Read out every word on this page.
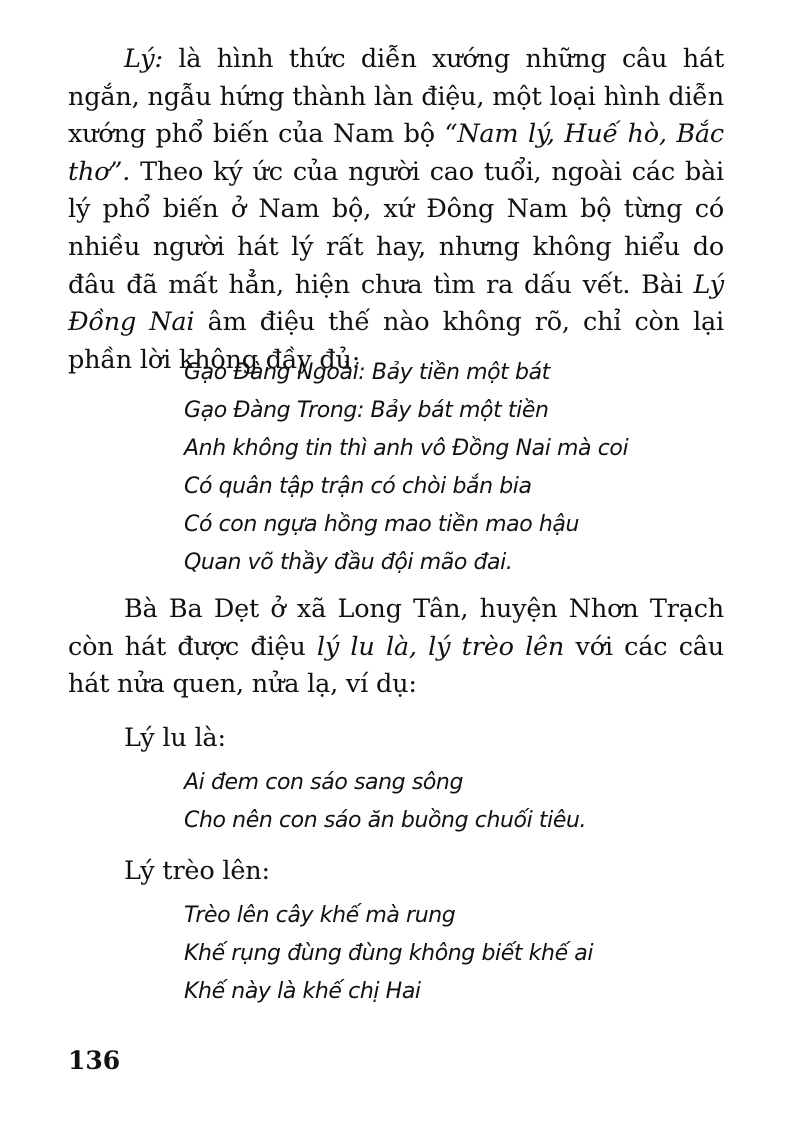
Lý: là hình thức diễn xướng những câu hát ngắn, ngẫu hứng thành làn điệu, một loại hình diễn xướng phổ biến của Nam bộ “Nam lý, Huế hò, Bắc thơ”. Theo ký ức của người cao tuổi, ngoài các bài lý phổ biến ở Nam bộ, xứ Đông Nam bộ từng có nhiều người hát lý rất hay, nhưng không hiểu do đâu đã mất hẳn, hiện chưa tìm ra dấu vết. Bài Lý Đồng Nai âm điệu thế nào không rõ, chỉ còn lại phần lời không đầy đủ:

Gạo Đàng Ngoài: Bảy tiền một bát
Gạo Đàng Trong: Bảy bát một tiền
Anh không tin thì anh vô Đồng Nai mà coi
Có quân tập trận có chòi bắn bia
Có con ngựa hồng mao tiền mao hậu
Quan võ thầy đầu đội mão đai.

Bà Ba Dẹt ở xã Long Tân, huyện Nhơn Trạch còn hát được điệu lý lu là, lý trèo lên với các câu hát nửa quen, nửa lạ, ví dụ:

Lý lu là:

Ai đem con sáo sang sông
Cho nên con sáo ăn buồng chuối tiêu.

Lý trèo lên:

Trèo lên cây khế mà rung
Khế rụng đùng đùng không biết khế ai
Khế này là khế chị Hai
136
